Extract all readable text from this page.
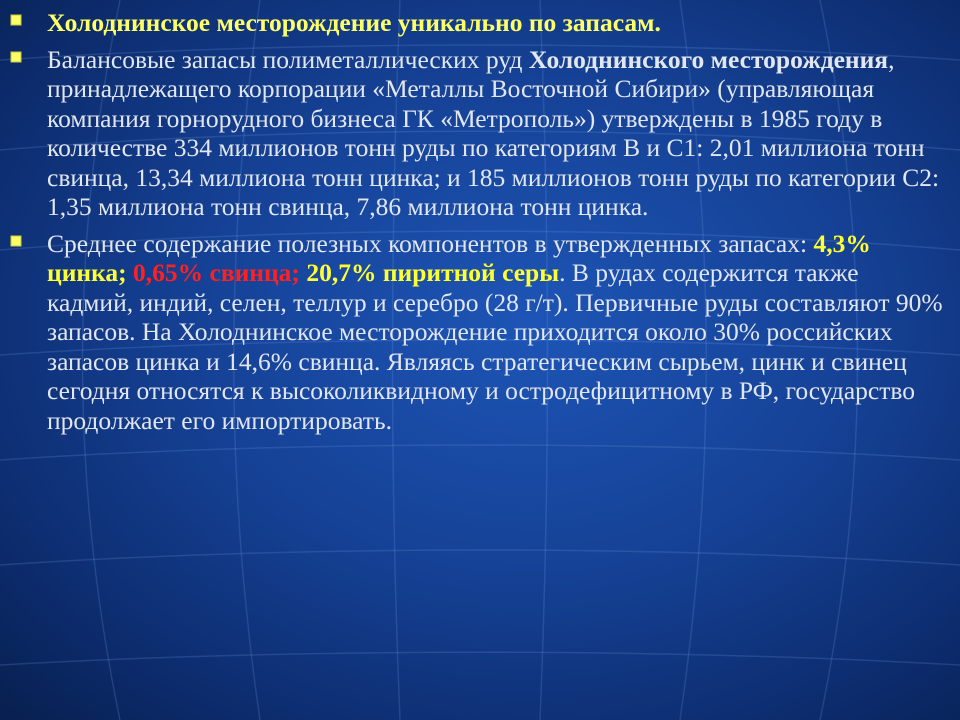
Холоднинское месторождение уникально по запасам.
Балансовые запасы полиметаллических руд Холоднинского месторождения, принадлежащего корпорации «Металлы Восточной Сибири» (управляющая компания горнорудного бизнеса ГК «Метрополь») утверждены в 1985 году в количестве 334 миллионов тонн руды по категориям В и С1: 2,01 миллиона тонн свинца, 13,34 миллиона тонн цинка; и 185 миллионов тонн руды по категории С2: 1,35 миллиона тонн свинца, 7,86 миллиона тонн цинка.
Среднее содержание полезных компонентов в утвержденных запасах: 4,3% цинка; 0,65% свинца; 20,7% пиритной серы. В рудах содержится также кадмий, индий, селен, теллур и серебро (28 г/т). Первичные руды составляют 90% запасов. На Холоднинское месторождение приходится около 30% российских запасов цинка и 14,6% свинца. Являясь стратегическим сырьем, цинк и свинец сегодня относятся к высоколиквидному и остродефицитному в РФ, государство продолжает его импортировать.
